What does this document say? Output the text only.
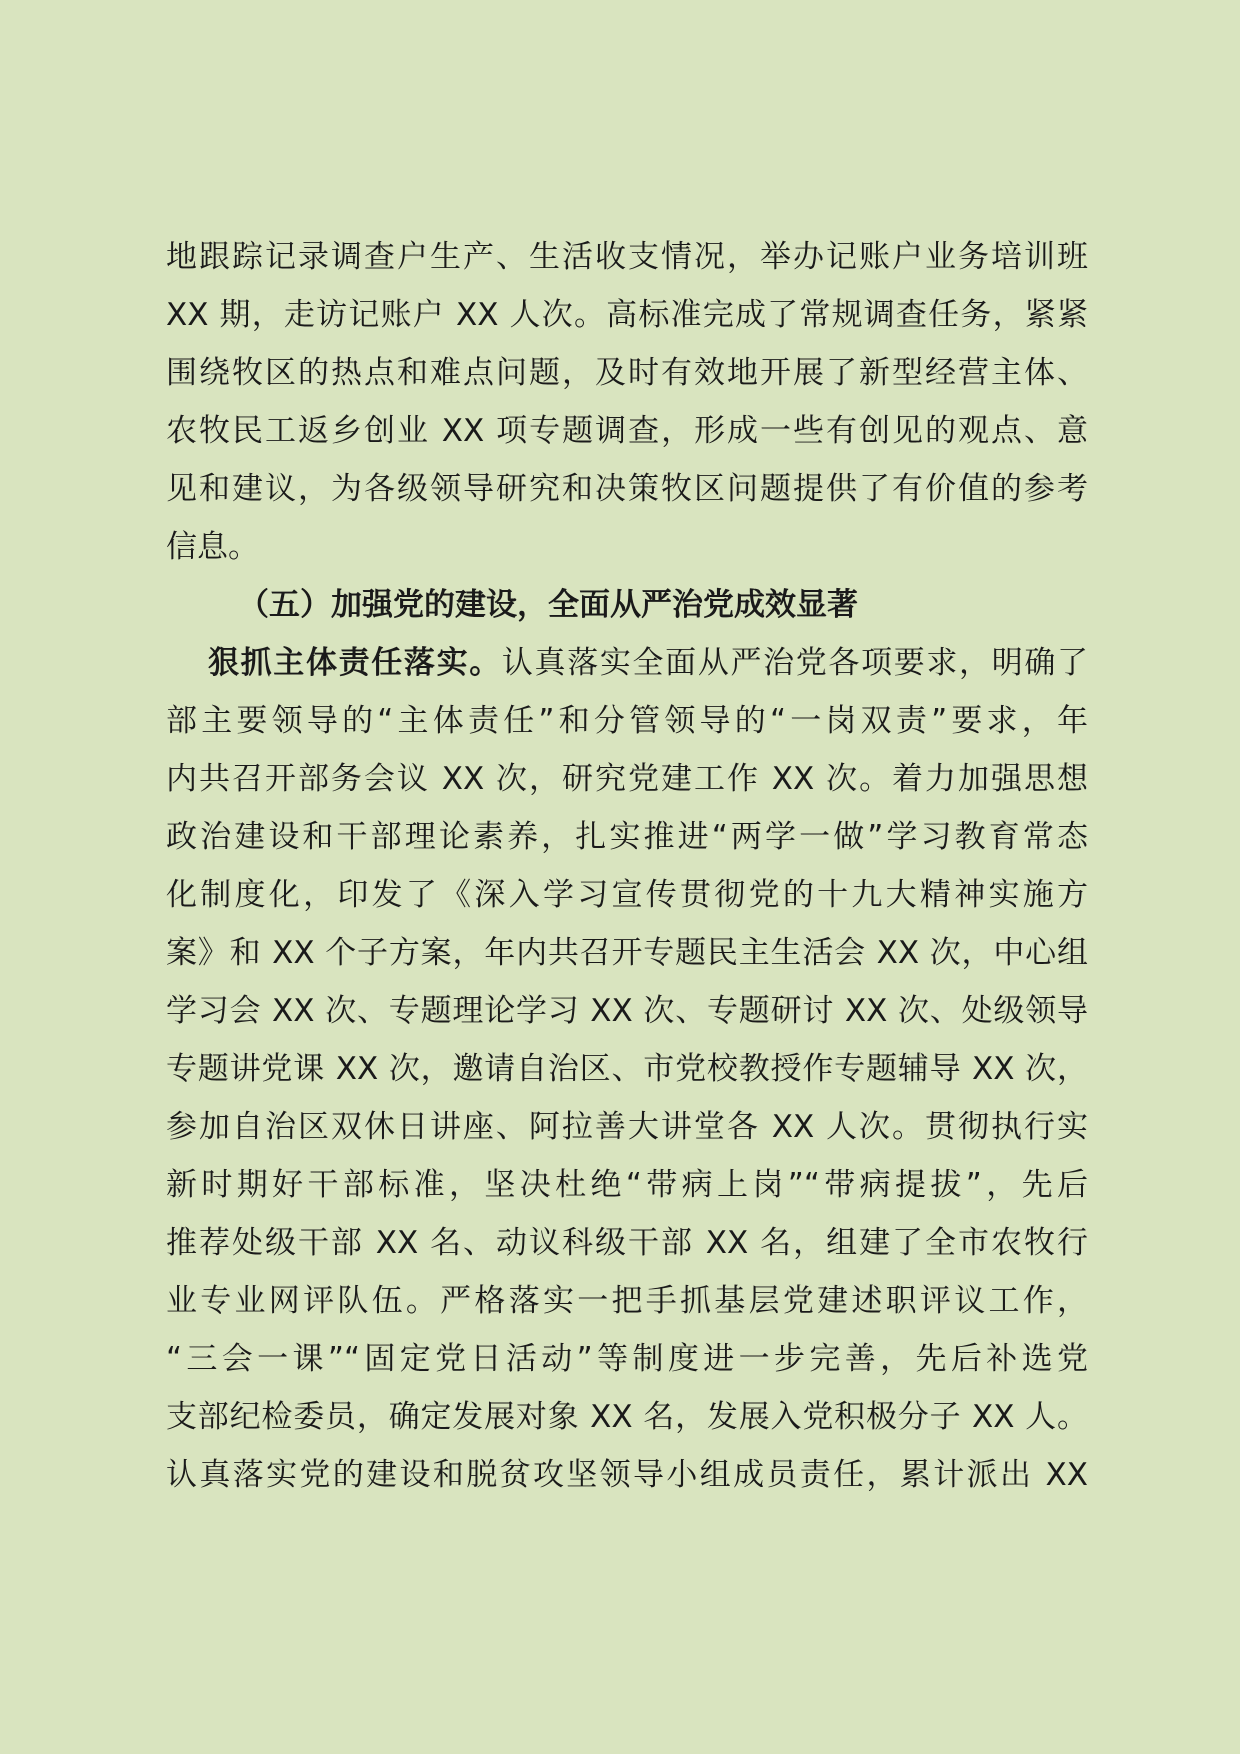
地跟踪记录调查户生产、生活收支情况，举办记账户业务培训班
XX 期，走访记账户 XX 人次。高标准完成了常规调查任务，紧紧
围绕牧区的热点和难点问题，及时有效地开展了新型经营主体、
农牧民工返乡创业 XX 项专题调查，形成一些有创见的观点、意
见和建议，为各级领导研究和决策牧区问题提供了有价值的参考
信息。
（五）加强党的建设，全面从严治党成效显著
狠抓主体责任落实。认真落实全面从严治党各项要求，明确了
部主要领导的“主体责任”和分管领导的“一岗双责”要求，年
内共召开部务会议 XX 次，研究党建工作 XX 次。着力加强思想
政治建设和干部理论素养，扎实推进“两学一做”学习教育常态
化制度化，印发了《深入学习宣传贯彻党的十九大精神实施方
案》和 XX 个子方案，年内共召开专题民主生活会 XX 次，中心组
学习会 XX 次、专题理论学习 XX 次、专题研讨 XX 次、处级领导
专题讲党课 XX 次，邀请自治区、市党校教授作专题辅导 XX 次，
参加自治区双休日讲座、阿拉善大讲堂各 XX 人次。贯彻执行实
新时期好干部标准，坚决杜绝“带病上岗”“带病提拔”，先后
推荐处级干部 XX 名、动议科级干部 XX 名，组建了全市农牧行
业专业网评队伍。严格落实一把手抓基层党建述职评议工作，
“三会一课”“固定党日活动”等制度进一步完善，先后补选党
支部纪检委员，确定发展对象 XX 名，发展入党积极分子 XX 人。
认真落实党的建设和脱贫攻坚领导小组成员责任，累计派出 XX
